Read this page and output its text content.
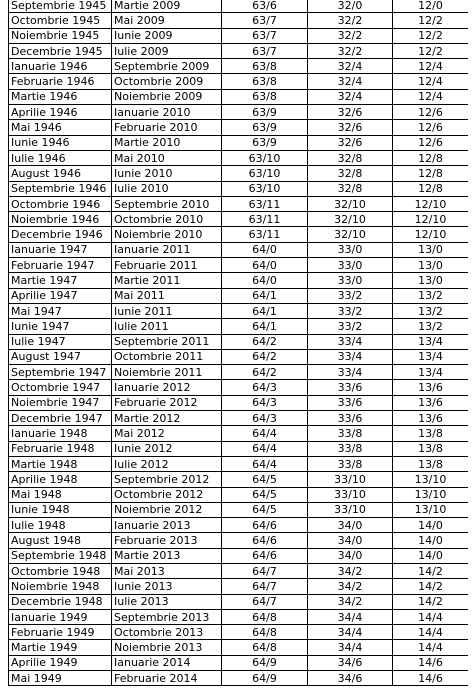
Septembrie 1945	Martie 2009	63/6	32/0	12/0
Octombrie 1945	Mai 2009	63/7	32/2	12/2
Noiembrie 1945	Iunie 2009	63/7	32/2	12/2
Decembrie 1945	Iulie 2009	63/7	32/2	12/2
Ianuarie 1946	Septembrie 2009	63/8	32/4	12/4
Februarie 1946	Octombrie 2009	63/8	32/4	12/4
Martie 1946	Noiembrie 2009	63/8	32/4	12/4
Aprilie 1946	Ianuarie 2010	63/9	32/6	12/6
Mai 1946	Februarie 2010	63/9	32/6	12/6
Iunie 1946	Martie 2010	63/9	32/6	12/6
Iulie 1946	Mai 2010	63/10	32/8	12/8
August 1946	Iunie 2010	63/10	32/8	12/8
Septembrie 1946	Iulie 2010	63/10	32/8	12/8
Octombrie 1946	Septembrie 2010	63/11	32/10	12/10
Noiembrie 1946	Octombrie 2010	63/11	32/10	12/10
Decembrie 1946	Noiembrie 2010	63/11	32/10	12/10
Ianuarie 1947	Ianuarie 2011	64/0	33/0	13/0
Februarie 1947	Februarie 2011	64/0	33/0	13/0
Martie 1947	Martie 2011	64/0	33/0	13/0
Aprilie 1947	Mai 2011	64/1	33/2	13/2
Mai 1947	Iunie 2011	64/1	33/2	13/2
Iunie 1947	Iulie 2011	64/1	33/2	13/2
Iulie 1947	Septembrie 2011	64/2	33/4	13/4
August 1947	Octombrie 2011	64/2	33/4	13/4
Septembrie 1947	Noiembrie 2011	64/2	33/4	13/4
Octombrie 1947	Ianuarie 2012	64/3	33/6	13/6
Noiembrie 1947	Februarie 2012	64/3	33/6	13/6
Decembrie 1947	Martie 2012	64/3	33/6	13/6
Ianuarie 1948	Mai 2012	64/4	33/8	13/8
Februarie 1948	Iunie 2012	64/4	33/8	13/8
Martie 1948	Iulie 2012	64/4	33/8	13/8
Aprilie 1948	Septembrie 2012	64/5	33/10	13/10
Mai 1948	Octombrie 2012	64/5	33/10	13/10
Iunie 1948	Noiembrie 2012	64/5	33/10	13/10
Iulie 1948	Ianuarie 2013	64/6	34/0	14/0
August 1948	Februarie 2013	64/6	34/0	14/0
Septembrie 1948	Martie 2013	64/6	34/0	14/0
Octombrie 1948	Mai 2013	64/7	34/2	14/2
Noiembrie 1948	Iunie 2013	64/7	34/2	14/2
Decembrie 1948	Iulie 2013	64/7	34/2	14/2
Ianuarie 1949	Septembrie 2013	64/8	34/4	14/4
Februarie 1949	Octombrie 2013	64/8	34/4	14/4
Martie 1949	Noiembrie 2013	64/8	34/4	14/4
Aprilie 1949	Ianuarie 2014	64/9	34/6	14/6
Mai 1949	Februarie 2014	64/9	34/6	14/6
